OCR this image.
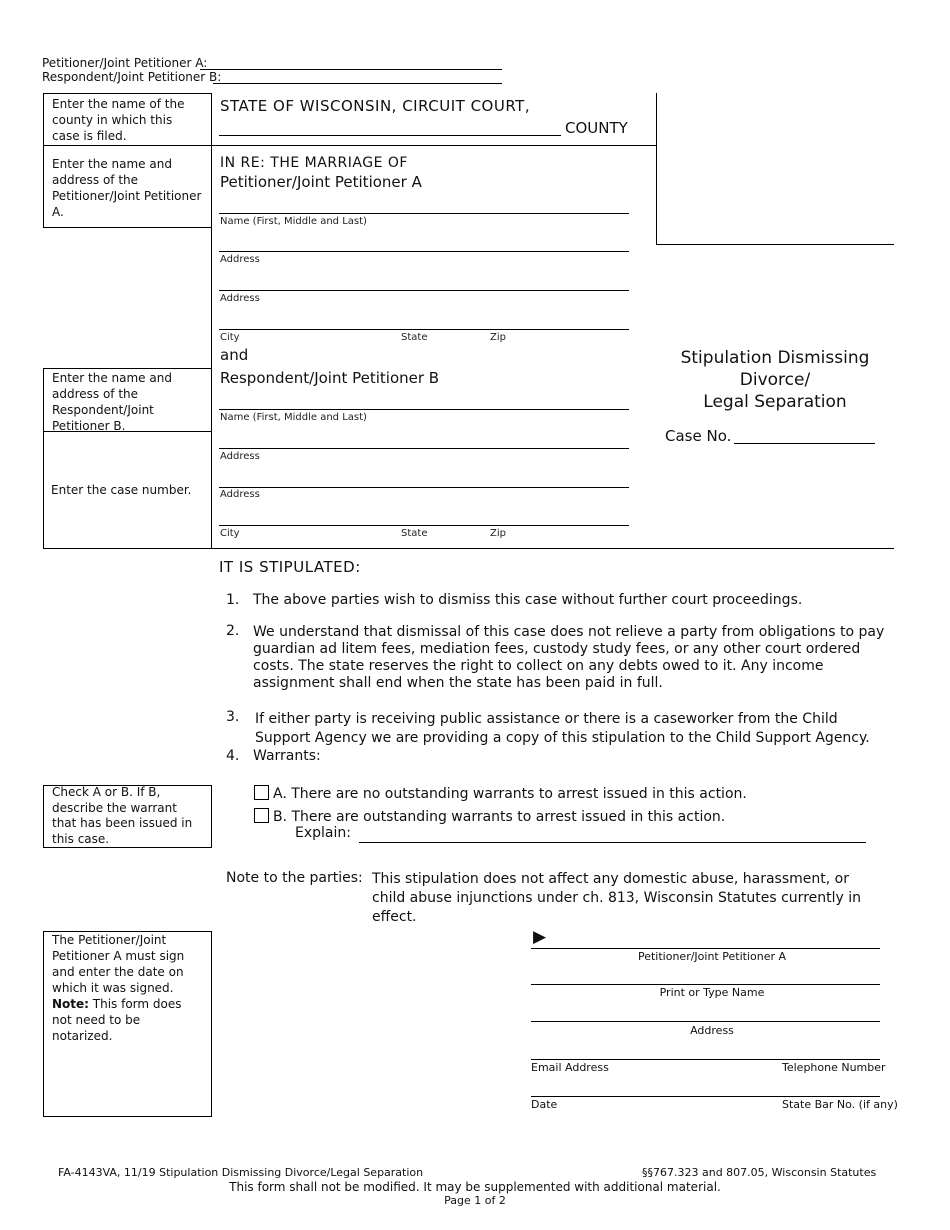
Petitioner/Joint Petitioner A:
Respondent/Joint Petitioner B:
Enter the name of the county in which this case is filed.
Enter the name and address of the Petitioner/Joint Petitioner A.
Enter the name and address of the Respondent/Joint Petitioner B.
Enter the case number.
STATE OF WISCONSIN, CIRCUIT COURT,
COUNTY
IN RE: THE MARRIAGE OF
Petitioner/Joint Petitioner A
Name (First, Middle and Last)
Address
Address
City	State	Zip
and
Respondent/Joint Petitioner B
Name (First, Middle and Last)
Address
Address
City	State	Zip
Stipulation Dismissing
Divorce/
Legal Separation
Case No.
IT IS STIPULATED:
1. The above parties wish to dismiss this case without further court proceedings.
2. We understand that dismissal of this case does not relieve a party from obligations to pay guardian ad litem fees, mediation fees, custody study fees, or any other court ordered costs. The state reserves the right to collect on any debts owed to it. Any income assignment shall end when the state has been paid in full.
3. If either party is receiving public assistance or there is a caseworker from the Child Support Agency we are providing a copy of this stipulation to the Child Support Agency.
4. Warrants:
Check A or B. If B, describe the warrant that has been issued in this case.
A. There are no outstanding warrants to arrest issued in this action.
B. There are outstanding warrants to arrest issued in this action.
Explain:
Note to the parties: This stipulation does not affect any domestic abuse, harassment, or child abuse injunctions under ch. 813, Wisconsin Statutes currently in effect.
The Petitioner/Joint Petitioner A must sign and enter the date on which it was signed.
Note: This form does not need to be notarized.
▶
Petitioner/Joint Petitioner A
Print or Type Name
Address
Email Address	Telephone Number
Date	State Bar No. (if any)
FA-4143VA, 11/19 Stipulation Dismissing Divorce/Legal Separation	§§767.323 and 807.05, Wisconsin Statutes
This form shall not be modified. It may be supplemented with additional material.
Page 1 of 2
